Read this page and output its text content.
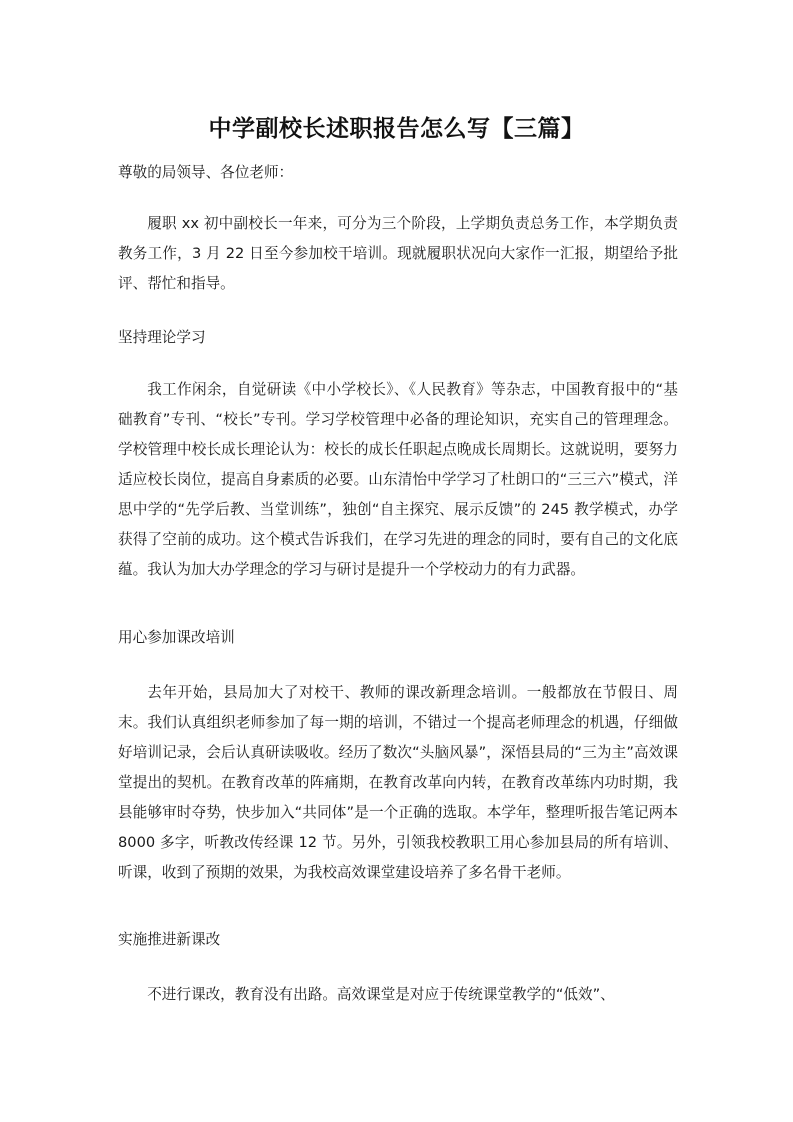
中学副校长述职报告怎么写【三篇】

尊敬的局领导、各位老师：

履职 xx 初中副校长一年来，可分为三个阶段，上学期负责总务工作，本学期负责教务工作，3 月 22 日至今参加校干培训。现就履职状况向大家作一汇报，期望给予批评、帮忙和指导。

坚持理论学习

我工作闲余，自觉研读《中小学校长》、《人民教育》等杂志，中国教育报中的“基础教育”专刊、“校长”专刊。学习学校管理中必备的理论知识，充实自己的管理理念。学校管理中校长成长理论认为：校长的成长任职起点晚成长周期长。这就说明，要努力适应校长岗位，提高自身素质的必要。山东清怡中学学习了杜朗口的“三三六”模式，洋思中学的“先学后教、当堂训练”，独创“自主探究、展示反馈”的 245 教学模式，办学获得了空前的成功。这个模式告诉我们，在学习先进的理念的同时，要有自己的文化底蕴。我认为加大办学理念的学习与研讨是提升一个学校动力的有力武器。

用心参加课改培训

去年开始，县局加大了对校干、教师的课改新理念培训。一般都放在节假日、周末。我们认真组织老师参加了每一期的培训，不错过一个提高老师理念的机遇，仔细做好培训记录，会后认真研读吸收。经历了数次“头脑风暴”，深悟县局的“三为主”高效课堂提出的契机。在教育改革的阵痛期，在教育改革向内转，在教育改革练内功时期，我县能够审时夺势，快步加入“共同体”是一个正确的选取。本学年，整理听报告笔记两本 8000 多字，听教改传经课 12 节。另外，引领我校教职工用心参加县局的所有培训、听课，收到了预期的效果，为我校高效课堂建设培养了多名骨干老师。

实施推进新课改

不进行课改，教育没有出路。高效课堂是对应于传统课堂教学的“低效”、
